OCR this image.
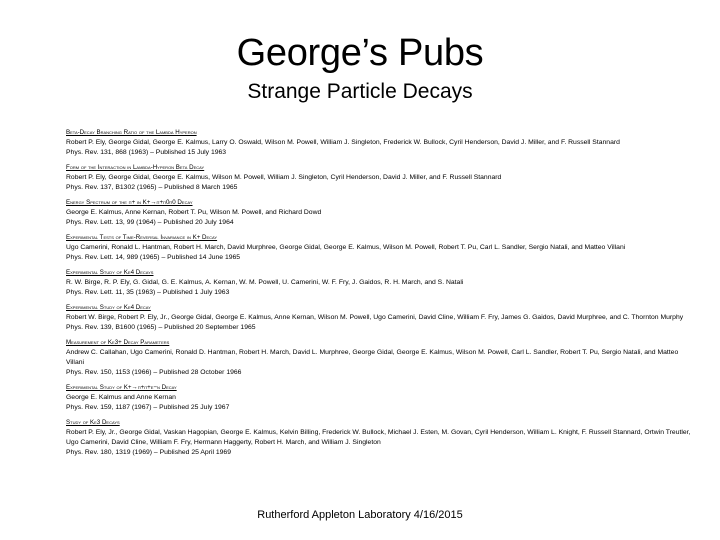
George’s Pubs
Strange Particle Decays
Beta-Decay Branching Ratio of the Lambda Hyperon
Robert P. Ely, George Gidal, George E. Kalmus, Larry O. Oswald, Wilson M. Powell, William J. Singleton, Frederick W. Bullock, Cyril Henderson, David J. Miller, and F. Russell Stannard
Phys. Rev. 131, 868 (1963) – Published 15 July 1963
Form of the Interaction in Lambda-Hyperon Beta Decay
Robert P. Ely, George Gidal, George E. Kalmus, Wilson M. Powell, William J. Singleton, Cyril Henderson, David J. Miller, and F. Russell Stannard
Phys. Rev. 137, B1302 (1965) – Published 8 March 1965
Energy Spectrum of the π+ in K+→π+π0π0 Decay
George E. Kalmus, Anne Kernan, Robert T. Pu, Wilson M. Powell, and Richard Dowd
Phys. Rev. Lett. 13, 99 (1964) – Published 20 July 1964
Experimental Tests of Time-Reversal Invariance in K+ Decay
Ugo Camerini, Ronald L. Hantman, Robert H. March, David Murphree, George Gidal, George E. Kalmus, Wilson M. Powell, Robert T. Pu, Carl L. Sandler, Sergio Natali, and Matteo Villani
Phys. Rev. Lett. 14, 989 (1965) – Published 14 June 1965
Experimental Study of Ke4 Decays
R. W. Birge, R. P. Ely, G. Gidal, G. E. Kalmus, A. Kernan, W. M. Powell, U. Camerini, W. F. Fry, J. Gaidos, R. H. March, and S. Natali
Phys. Rev. Lett. 11, 35 (1963) – Published 1 July 1963
Experimental Study of Ke4 Decay
Robert W. Birge, Robert P. Ely, Jr., George Gidal, George E. Kalmus, Anne Kernan, Wilson M. Powell, Ugo Camerini, David Cline, William F. Fry, James G. Gaidos, David Murphree, and C. Thornton Murphy
Phys. Rev. 139, B1600 (1965) – Published 20 September 1965
Measurement of Ke3+ Decay Parameters
Andrew C. Callahan, Ugo Camerini, Ronald D. Hantman, Robert H. March, David L. Murphree, George Gidal, George E. Kalmus, Wilson M. Powell, Carl L. Sandler, Robert T. Pu, Sergio Natali, and Matteo Villani
Phys. Rev. 150, 1153 (1966) – Published 28 October 1966
Experimental Study of K+→π+π+e−ν Decay
George E. Kalmus and Anne Kernan
Phys. Rev. 159, 1187 (1967) – Published 25 July 1967
Study of Ke3 Decays
Robert P. Ely, Jr., George Gidal, Vaskan Hagopian, George E. Kalmus, Kelvin Billing, Frederick W. Bullock, Michael J. Esten, M. Govan, Cyril Henderson, William L. Knight, F. Russell Stannard, Ortwin Treutler, Ugo Camerini, David Cline, William F. Fry, Hermann Haggerty, Robert H. March, and William J. Singleton
Phys. Rev. 180, 1319 (1969) – Published 25 April 1969
Rutherford Appleton Laboratory 4/16/2015
